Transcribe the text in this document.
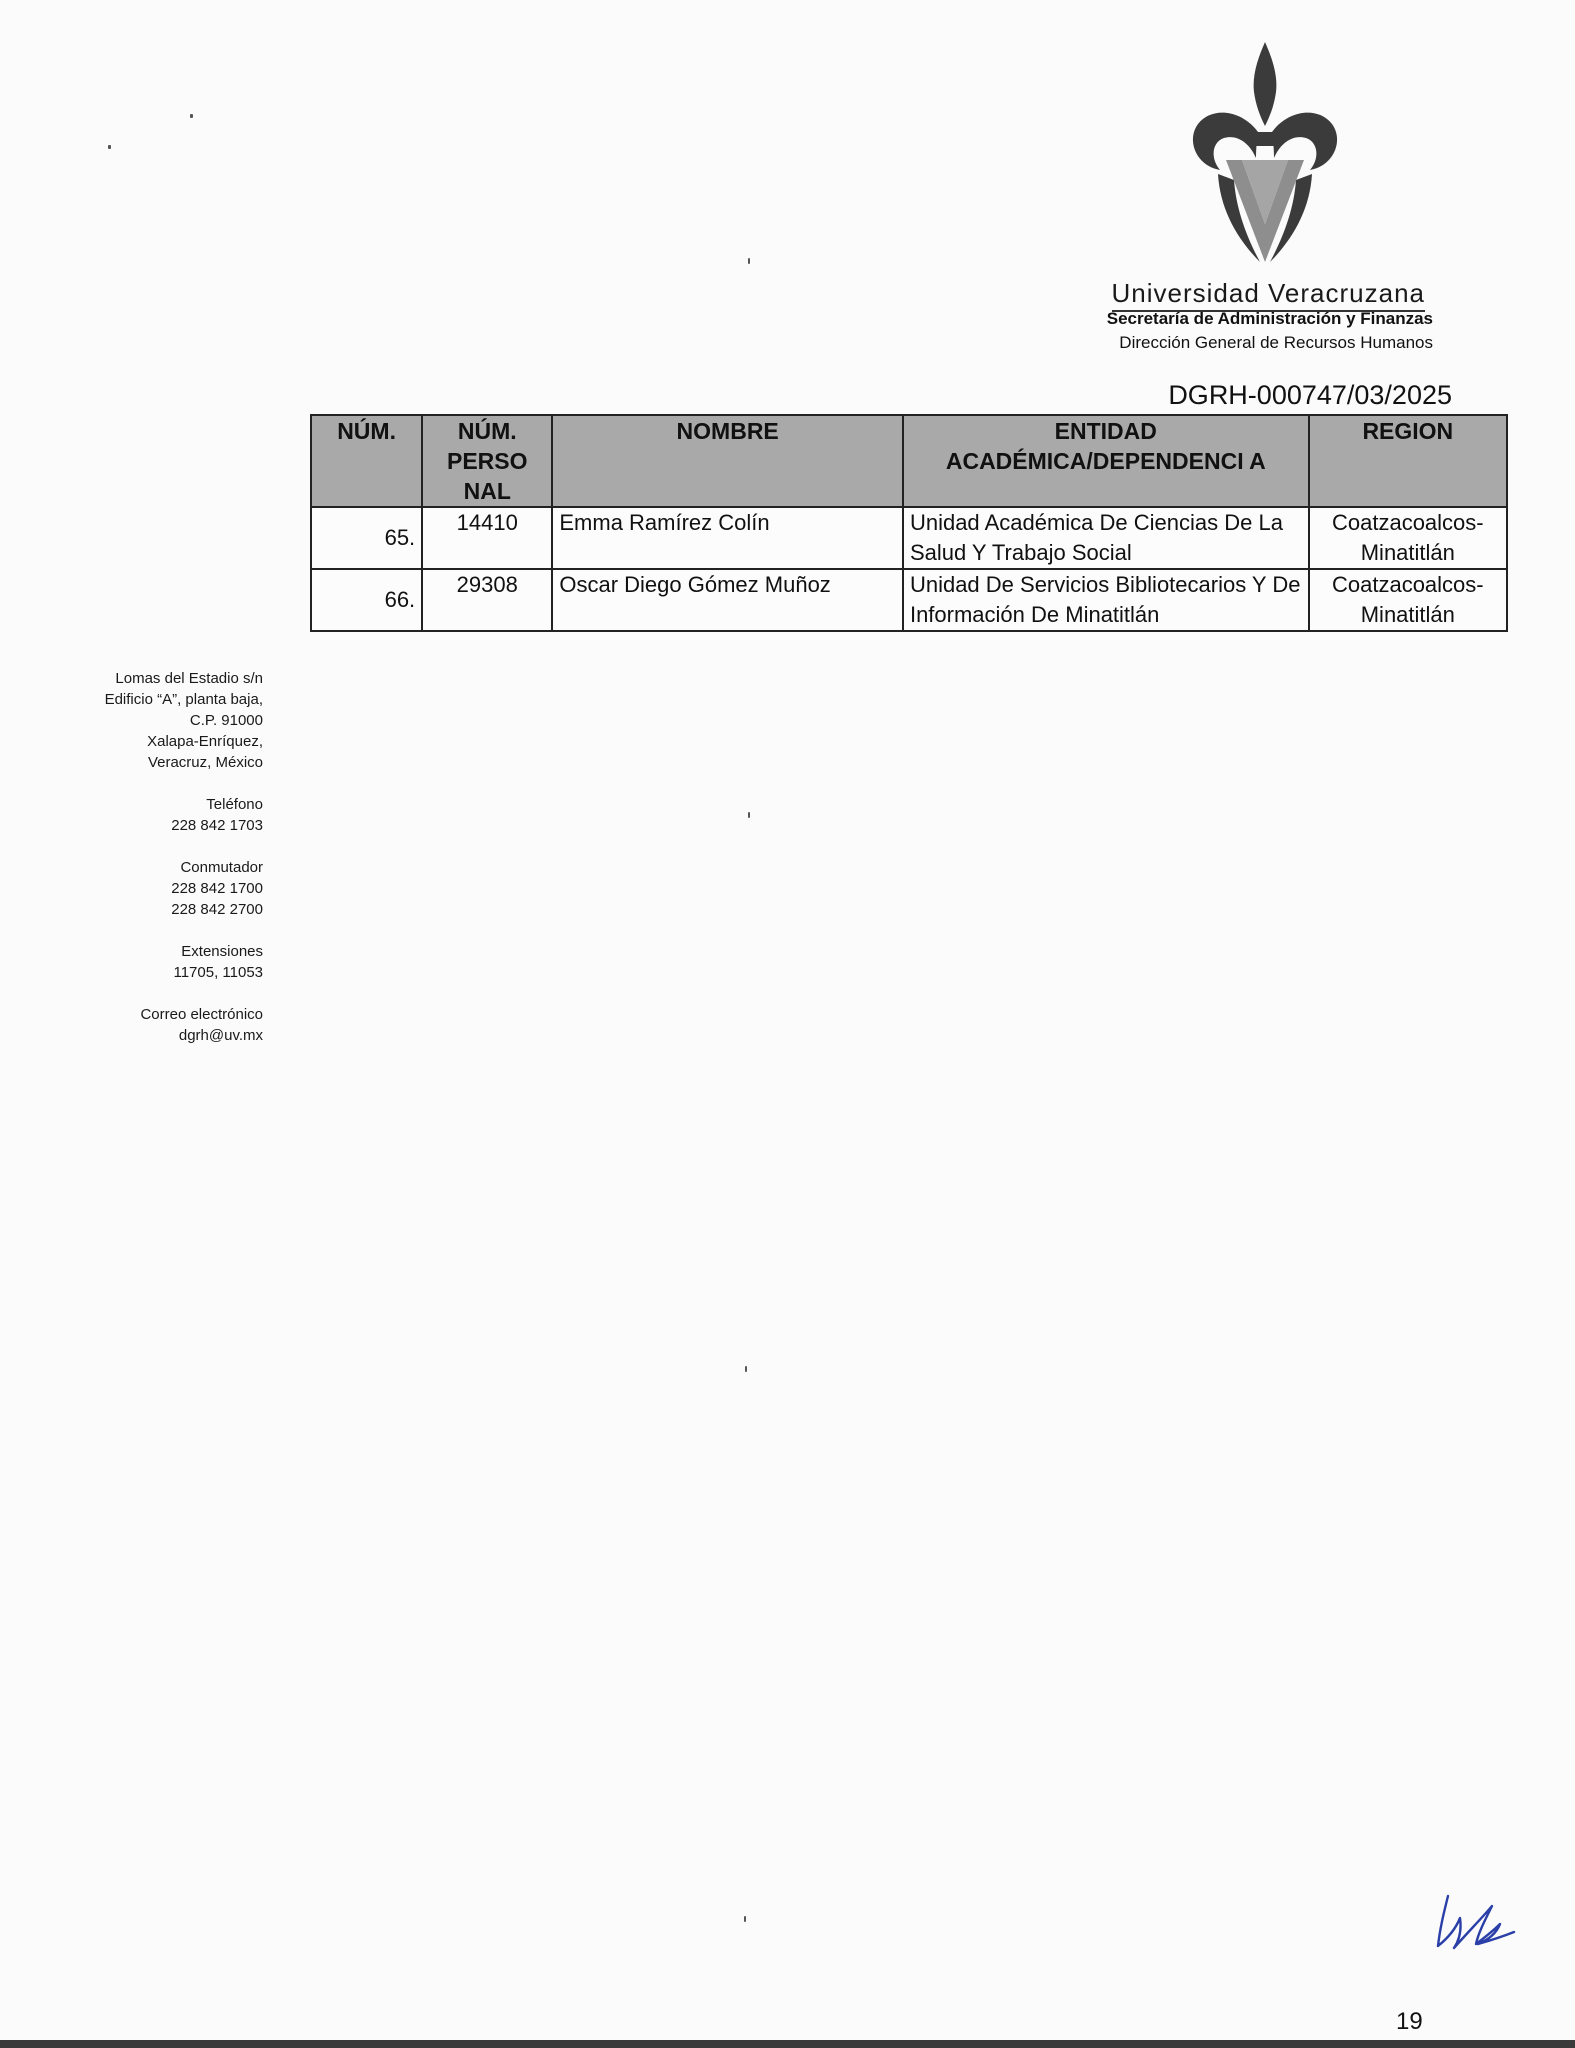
Universidad Veracruzana
Secretaría de Administración y Finanzas
Dirección General de Recursos Humanos
DGRH-000747/03/2025
NÚM.	NÚM. PERSO NAL	NOMBRE	ENTIDAD ACADÉMICA/DEPENDENCI A	REGION
65.	14410	Emma Ramírez Colín	Unidad Académica De Ciencias De La Salud Y Trabajo Social	Coatzacoalcos-Minatitlán
66.	29308	Oscar Diego Gómez Muñoz	Unidad De Servicios Bibliotecarios Y De Información De Minatitlán	Coatzacoalcos-Minatitlán
Lomas del Estadio s/n
Edificio “A”, planta baja,
C.P. 91000
Xalapa-Enríquez,
Veracruz, México
Teléfono
228 842 1703
Conmutador
228 842 1700
228 842 2700
Extensiones
11705, 11053
Correo electrónico
dgrh@uv.mx
19
